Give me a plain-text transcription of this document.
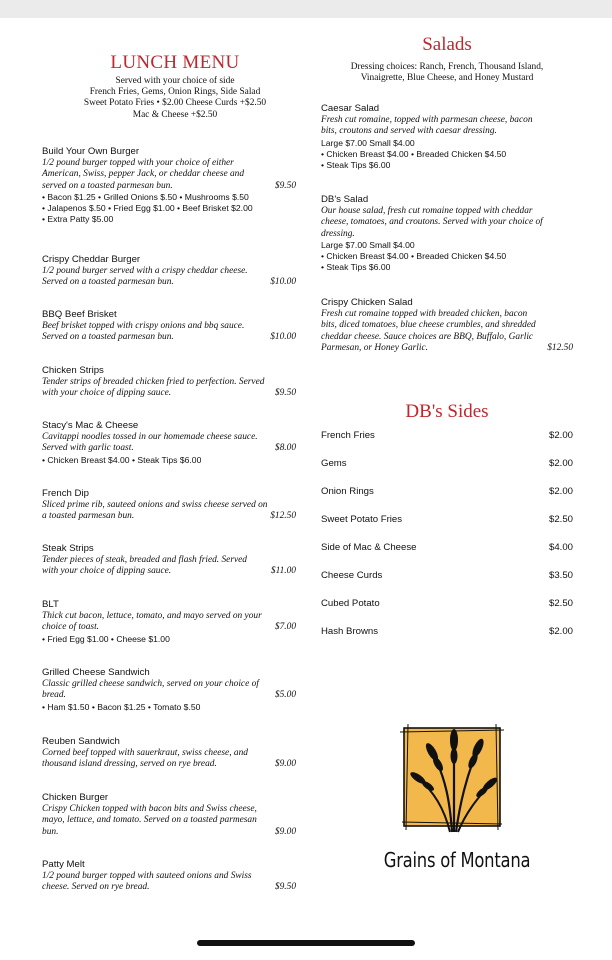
LUNCH MENU
Served with your choice of side
French Fries, Gems, Onion Rings, Side Salad
Sweet Potato Fries • $2.00 Cheese Curds +$2.50
Mac & Cheese +$2.50
Build Your Own Burger
1/2 pound burger topped with your choice of either
American, Swiss, pepper Jack, or cheddar cheese and
served on a toasted parmesan bun.	$9.50
• Bacon $1.25 • Grilled Onions $.50 • Mushrooms $.50
• Jalapenos $.50 • Fried Egg $1.00 • Beef Brisket $2.00
• Extra Patty $5.00
Crispy Cheddar Burger
1/2 pound burger served with a crispy cheddar cheese.
Served on a toasted parmesan bun.	$10.00
BBQ Beef Brisket
Beef brisket topped with crispy onions and bbq sauce.
Served on a toasted parmesan bun.	$10.00
Chicken Strips
Tender strips of breaded chicken fried to perfection. Served
with your choice of dipping sauce.	$9.50
Stacy's Mac & Cheese
Cavitappi noodles tossed in our homemade cheese sauce.
Served with garlic toast.	$8.00
• Chicken Breast $4.00 • Steak Tips $6.00
French Dip
Sliced prime rib, sauteed onions and swiss cheese served on
a toasted parmesan bun.	$12.50
Steak Strips
Tender pieces of steak, breaded and flash fried. Served
with your choice of dipping sauce.	$11.00
BLT
Thick cut bacon, lettuce, tomato, and mayo served on your
choice of toast.	$7.00
• Fried Egg $1.00 • Cheese $1.00
Grilled Cheese Sandwich
Classic grilled cheese sandwich, served on your choice of
bread.	$5.00
• Ham $1.50 • Bacon $1.25 • Tomato $.50
Reuben Sandwich
Corned beef topped with sauerkraut, swiss cheese, and
thousand island dressing, served on rye bread.	$9.00
Chicken Burger
Crispy Chicken topped with bacon bits and Swiss cheese,
mayo, lettuce, and tomato. Served on a toasted parmesan
bun.	$9.00
Patty Melt
1/2 pound burger topped with sauteed onions and Swiss
cheese. Served on rye bread.	$9.50
Salads
Dressing choices: Ranch, French, Thousand Island,
Vinaigrette, Blue Cheese, and Honey Mustard
Caesar Salad
Fresh cut romaine, topped with parmesan cheese, bacon
bits, croutons and served with caesar dressing.
Large $7.00 Small $4.00
• Chicken Breast $4.00 • Breaded Chicken $4.50
• Steak Tips $6.00
DB's Salad
Our house salad, fresh cut romaine topped with cheddar
cheese, tomatoes, and croutons. Served with your choice of
dressing.
Large $7.00 Small $4.00
• Chicken Breast $4.00 • Breaded Chicken $4.50
• Steak Tips $6.00
Crispy Chicken Salad
Fresh cut romaine topped with breaded chicken, bacon
bits, diced tomatoes, blue cheese crumbles, and shredded
cheddar cheese. Sauce choices are BBQ, Buffalo, Garlic
Parmesan, or Honey Garlic.	$12.50
DB's Sides
French Fries	$2.00
Gems	$2.00
Onion Rings	$2.00
Sweet Potato Fries	$2.50
Side of Mac & Cheese	$4.00
Cheese Curds	$3.50
Cubed Potato	$2.50
Hash Browns	$2.00
Grains of Montana
